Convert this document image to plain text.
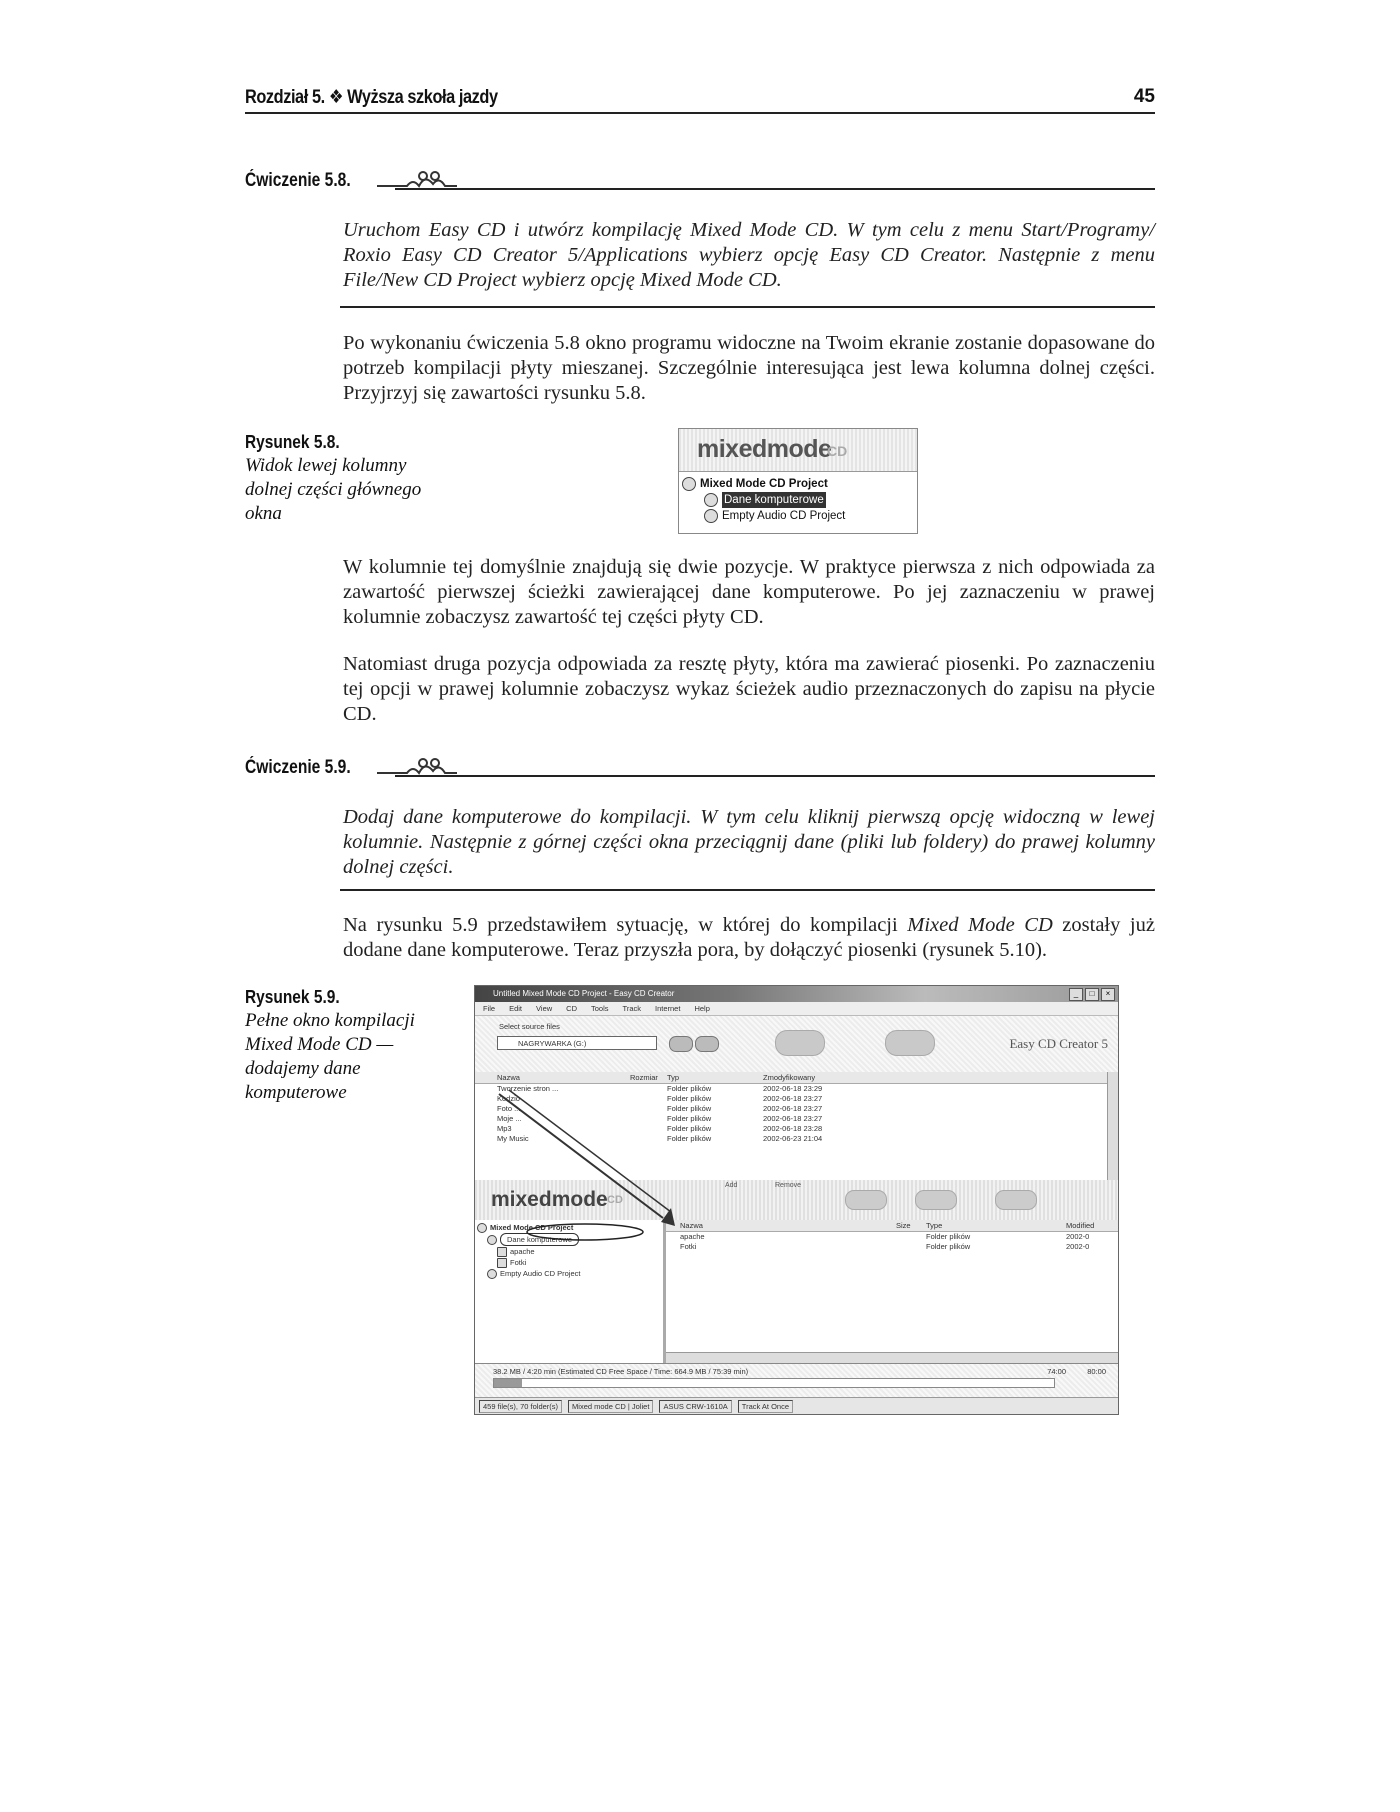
Rozdział 5. ❖ Wyższa szkoła jazdy	45
Ćwiczenie 5.8.
Uruchom Easy CD i utwórz kompilację Mixed Mode CD. W tym celu z menu Start/Programy/ Roxio Easy CD Creator 5/Applications wybierz opcję Easy CD Creator. Następnie z menu File/New CD Project wybierz opcję Mixed Mode CD.
Po wykonaniu ćwiczenia 5.8 okno programu widoczne na Twoim ekranie zostanie dopasowane do potrzeb kompilacji płyty mieszanej. Szczególnie interesująca jest lewa kolumna dolnej części. Przyjrzyj się zawartości rysunku 5.8.
Rysunek 5.8.
Widok lewej kolumny dolnej części głównego okna
mixedmode
CD
Mixed Mode CD Project
Dane komputerowe
Empty Audio CD Project
W kolumnie tej domyślnie znajdują się dwie pozycje. W praktyce pierwsza z nich odpowiada za zawartość pierwszej ścieżki zawierającej dane komputerowe. Po jej zaznaczeniu w prawej kolumnie zobaczysz zawartość tej części płyty CD.
Natomiast druga pozycja odpowiada za resztę płyty, która ma zawierać piosenki. Po zaznaczeniu tej opcji w prawej kolumnie zobaczysz wykaz ścieżek audio przeznaczonych do zapisu na płycie CD.
Ćwiczenie 5.9.
Dodaj dane komputerowe do kompilacji. W tym celu kliknij pierwszą opcję widoczną w lewej kolumnie. Następnie z górnej części okna przeciągnij dane (pliki lub foldery) do prawej kolumny dolnej części.
Na rysunku 5.9 przedstawiłem sytuację, w której do kompilacji Mixed Mode CD zostały już dodane dane komputerowe. Teraz przyszła pora, by dołączyć piosenki (rysunek 5.10).
Rysunek 5.9.
Pełne okno kompilacji Mixed Mode CD — dodajemy dane komputerowe
Untitled Mixed Mode CD Project - Easy CD Creator	_	□	×
File Edit View CD Tools Track Internet Help
Select source files
NAGRYWARKA (G:)	Easy CD Creator 5
Nazwa	Rozmiar	Typ	Zmodyfikowany
Tworzenie stron ...	Folder plików	2002-06-18 23:29
Kodzio	Folder plików	2002-06-18 23:27
Foto ...	Folder plików	2002-06-18 23:27
Moje ...	Folder plików	2002-06-18 23:27
Mp3	Folder plików	2002-06-18 23:28
My Music	Folder plików	2002-06-23 21:04
mixedmode CD
Add	Remove
Mixed Mode CD Project
Dane komputerowe
apache
Fotki
Empty Audio CD Project
Nazwa	Size	Type	Modified
apache	Folder plików	2002-0
Fotki	Folder plików	2002-0
38.2 MB / 4:20 min (Estimated CD Free Space / Time: 664.9 MB / 75:39 min)	74:00	80:00
459 file(s), 70 folder(s)	Mixed mode CD | Joliet	ASUS CRW-1610A	Track At Once
